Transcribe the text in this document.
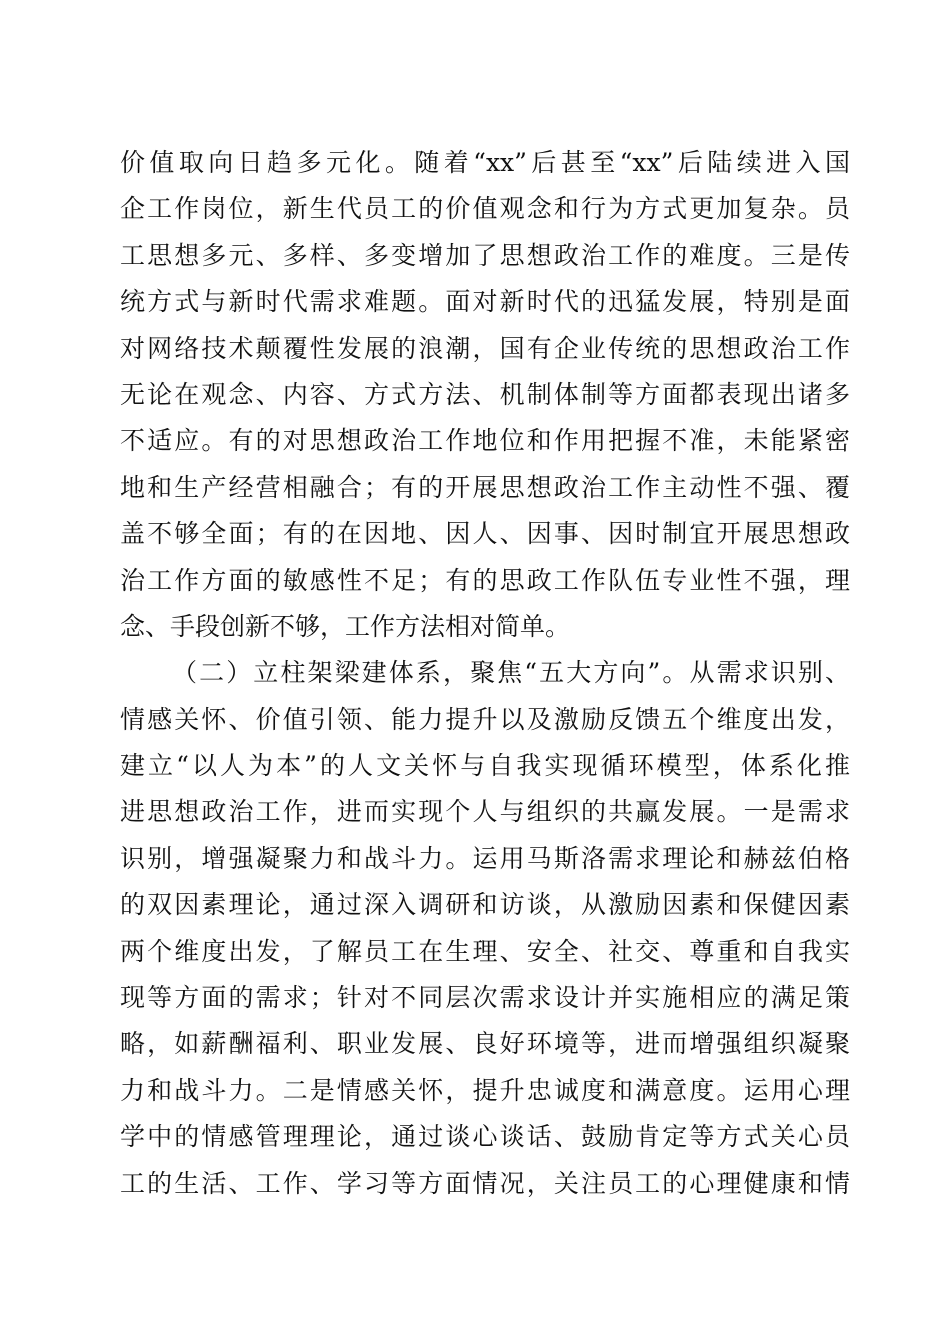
价值取向日趋多元化。随着“xx”后甚至“xx”后陆续进入国
企工作岗位，新生代员工的价值观念和行为方式更加复杂。员
工思想多元、多样、多变增加了思想政治工作的难度。三是传
统方式与新时代需求难题。面对新时代的迅猛发展，特别是面
对网络技术颠覆性发展的浪潮，国有企业传统的思想政治工作
无论在观念、内容、方式方法、机制体制等方面都表现出诸多
不适应。有的对思想政治工作地位和作用把握不准，未能紧密
地和生产经营相融合；有的开展思想政治工作主动性不强、覆
盖不够全面；有的在因地、因人、因事、因时制宜开展思想政
治工作方面的敏感性不足；有的思政工作队伍专业性不强，理
念、手段创新不够，工作方法相对简单。
（二）立柱架梁建体系，聚焦“五大方向”。从需求识别、
情感关怀、价值引领、能力提升以及激励反馈五个维度出发，
建立“以人为本”的人文关怀与自我实现循环模型，体系化推
进思想政治工作，进而实现个人与组织的共赢发展。一是需求
识别，增强凝聚力和战斗力。运用马斯洛需求理论和赫兹伯格
的双因素理论，通过深入调研和访谈，从激励因素和保健因素
两个维度出发，了解员工在生理、安全、社交、尊重和自我实
现等方面的需求；针对不同层次需求设计并实施相应的满足策
略，如薪酬福利、职业发展、良好环境等，进而增强组织凝聚
力和战斗力。二是情感关怀，提升忠诚度和满意度。运用心理
学中的情感管理理论，通过谈心谈话、鼓励肯定等方式关心员
工的生活、工作、学习等方面情况，关注员工的心理健康和情
